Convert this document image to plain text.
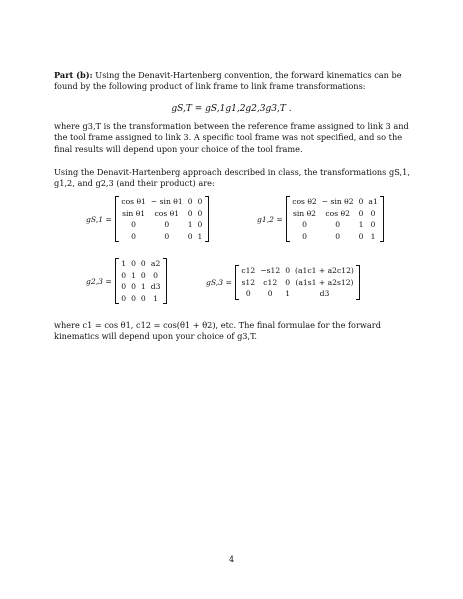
Part (b): Using the Denavit-Hartenberg convention, the forward kinematics can be found by the following product of link frame to link frame transformations:

gS,T = gS,1g1,2g2,3g3,T .

where g3,T is the transformation between the reference frame assigned to link 3 and the tool frame assigned to link 3. A specific tool frame was not specified, and so the final results will depend upon your choice of the tool frame.

Using the Denavit-Hartenberg approach described in class, the transformations gS,1, g1,2, and g2,3 (and their product) are:

gS,1 =
cos θ1	− sin θ1	0	0
sin θ1	cos θ1	0	0
0	0	1	0
0	0	0	1
g1,2 =
cos θ2	− sin θ2	0	a1
sin θ2	cos θ2	0	0
0	0	1	0
0	0	0	1
g2,3 =
1	0	0	a2
0	1	0	0
0	0	1	d3
0	0	0	1
gS,3 =
c12	−s12	0	(a1c1 + a2c12)
s12	c12	0	(a1s1 + a2s12)
0	0	1	d3

where c1 = cos θ1, c12 = cos(θ1 + θ2), etc. The final formulae for the forward kinematics will depend upon your choice of g3,T.

4
